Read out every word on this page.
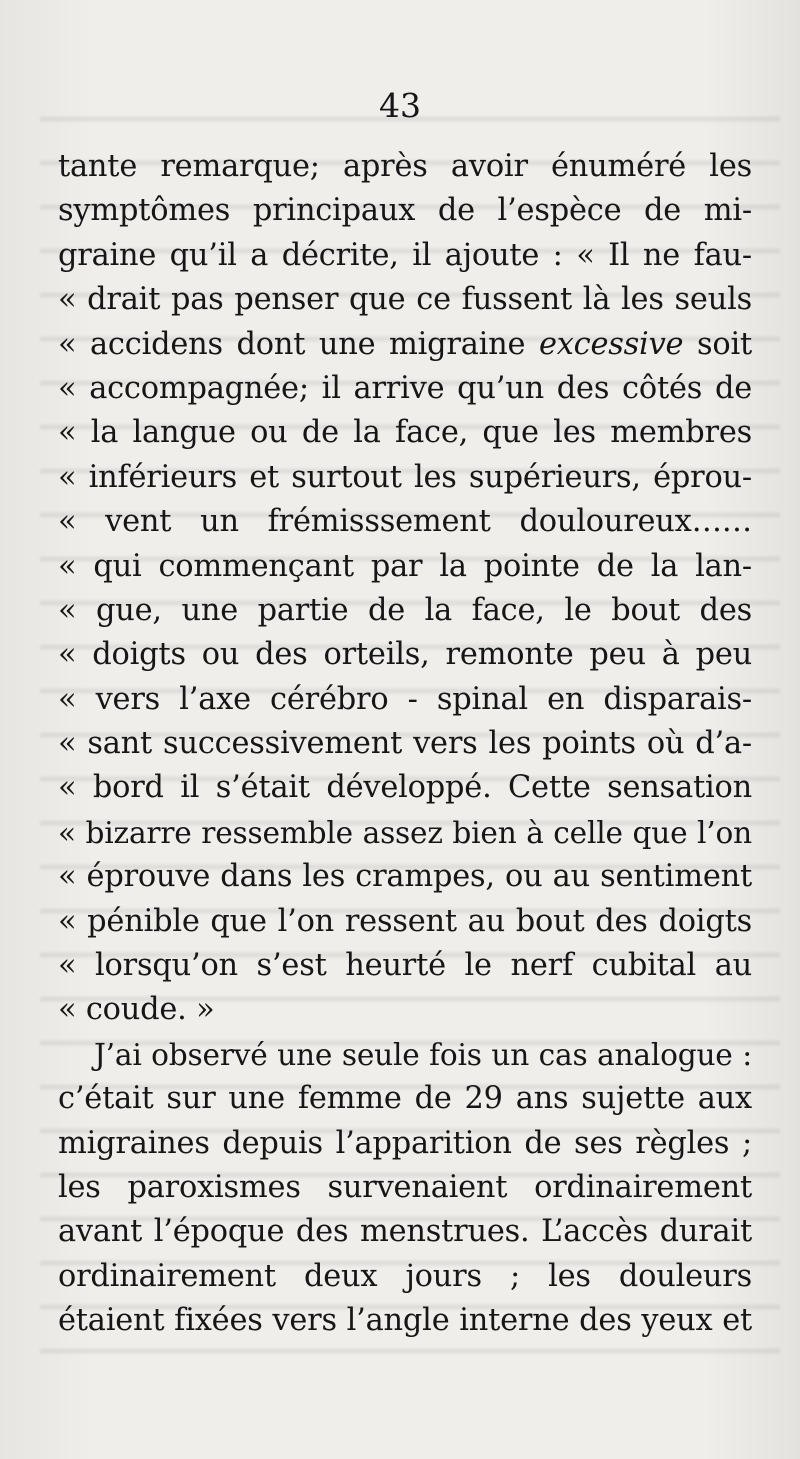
43
tante remarque; après avoir énuméré les
symptômes principaux de l’espèce de mi-
graine qu’il a décrite, il ajoute : « Il ne fau-
« drait pas penser que ce fussent là les seuls
« accidens dont une migraine excessive soit
« accompagnée; il arrive qu’un des côtés de
« la langue ou de la face, que les membres
« inférieurs et surtout les supérieurs, éprou-
« vent un frémisssement douloureux……
« qui commençant par la pointe de la lan-
« gue, une partie de la face, le bout des
« doigts ou des orteils, remonte peu à peu
« vers l’axe cérébro - spinal en disparais-
« sant successivement vers les points où d’a-
« bord il s’était développé. Cette sensation
« bizarre ressemble assez bien à celle que l’on
« éprouve dans les crampes, ou au sentiment
« pénible que l’on ressent au bout des doigts
« lorsqu’on s’est heurté le nerf cubital au
« coude. »
J’ai observé une seule fois un cas analogue :
c’était sur une femme de 29 ans sujette aux
migraines depuis l’apparition de ses règles ;
les paroxismes survenaient ordinairement
avant l’époque des menstrues. L’accès durait
ordinairement deux jours ; les douleurs
étaient fixées vers l’angle interne des yeux et
